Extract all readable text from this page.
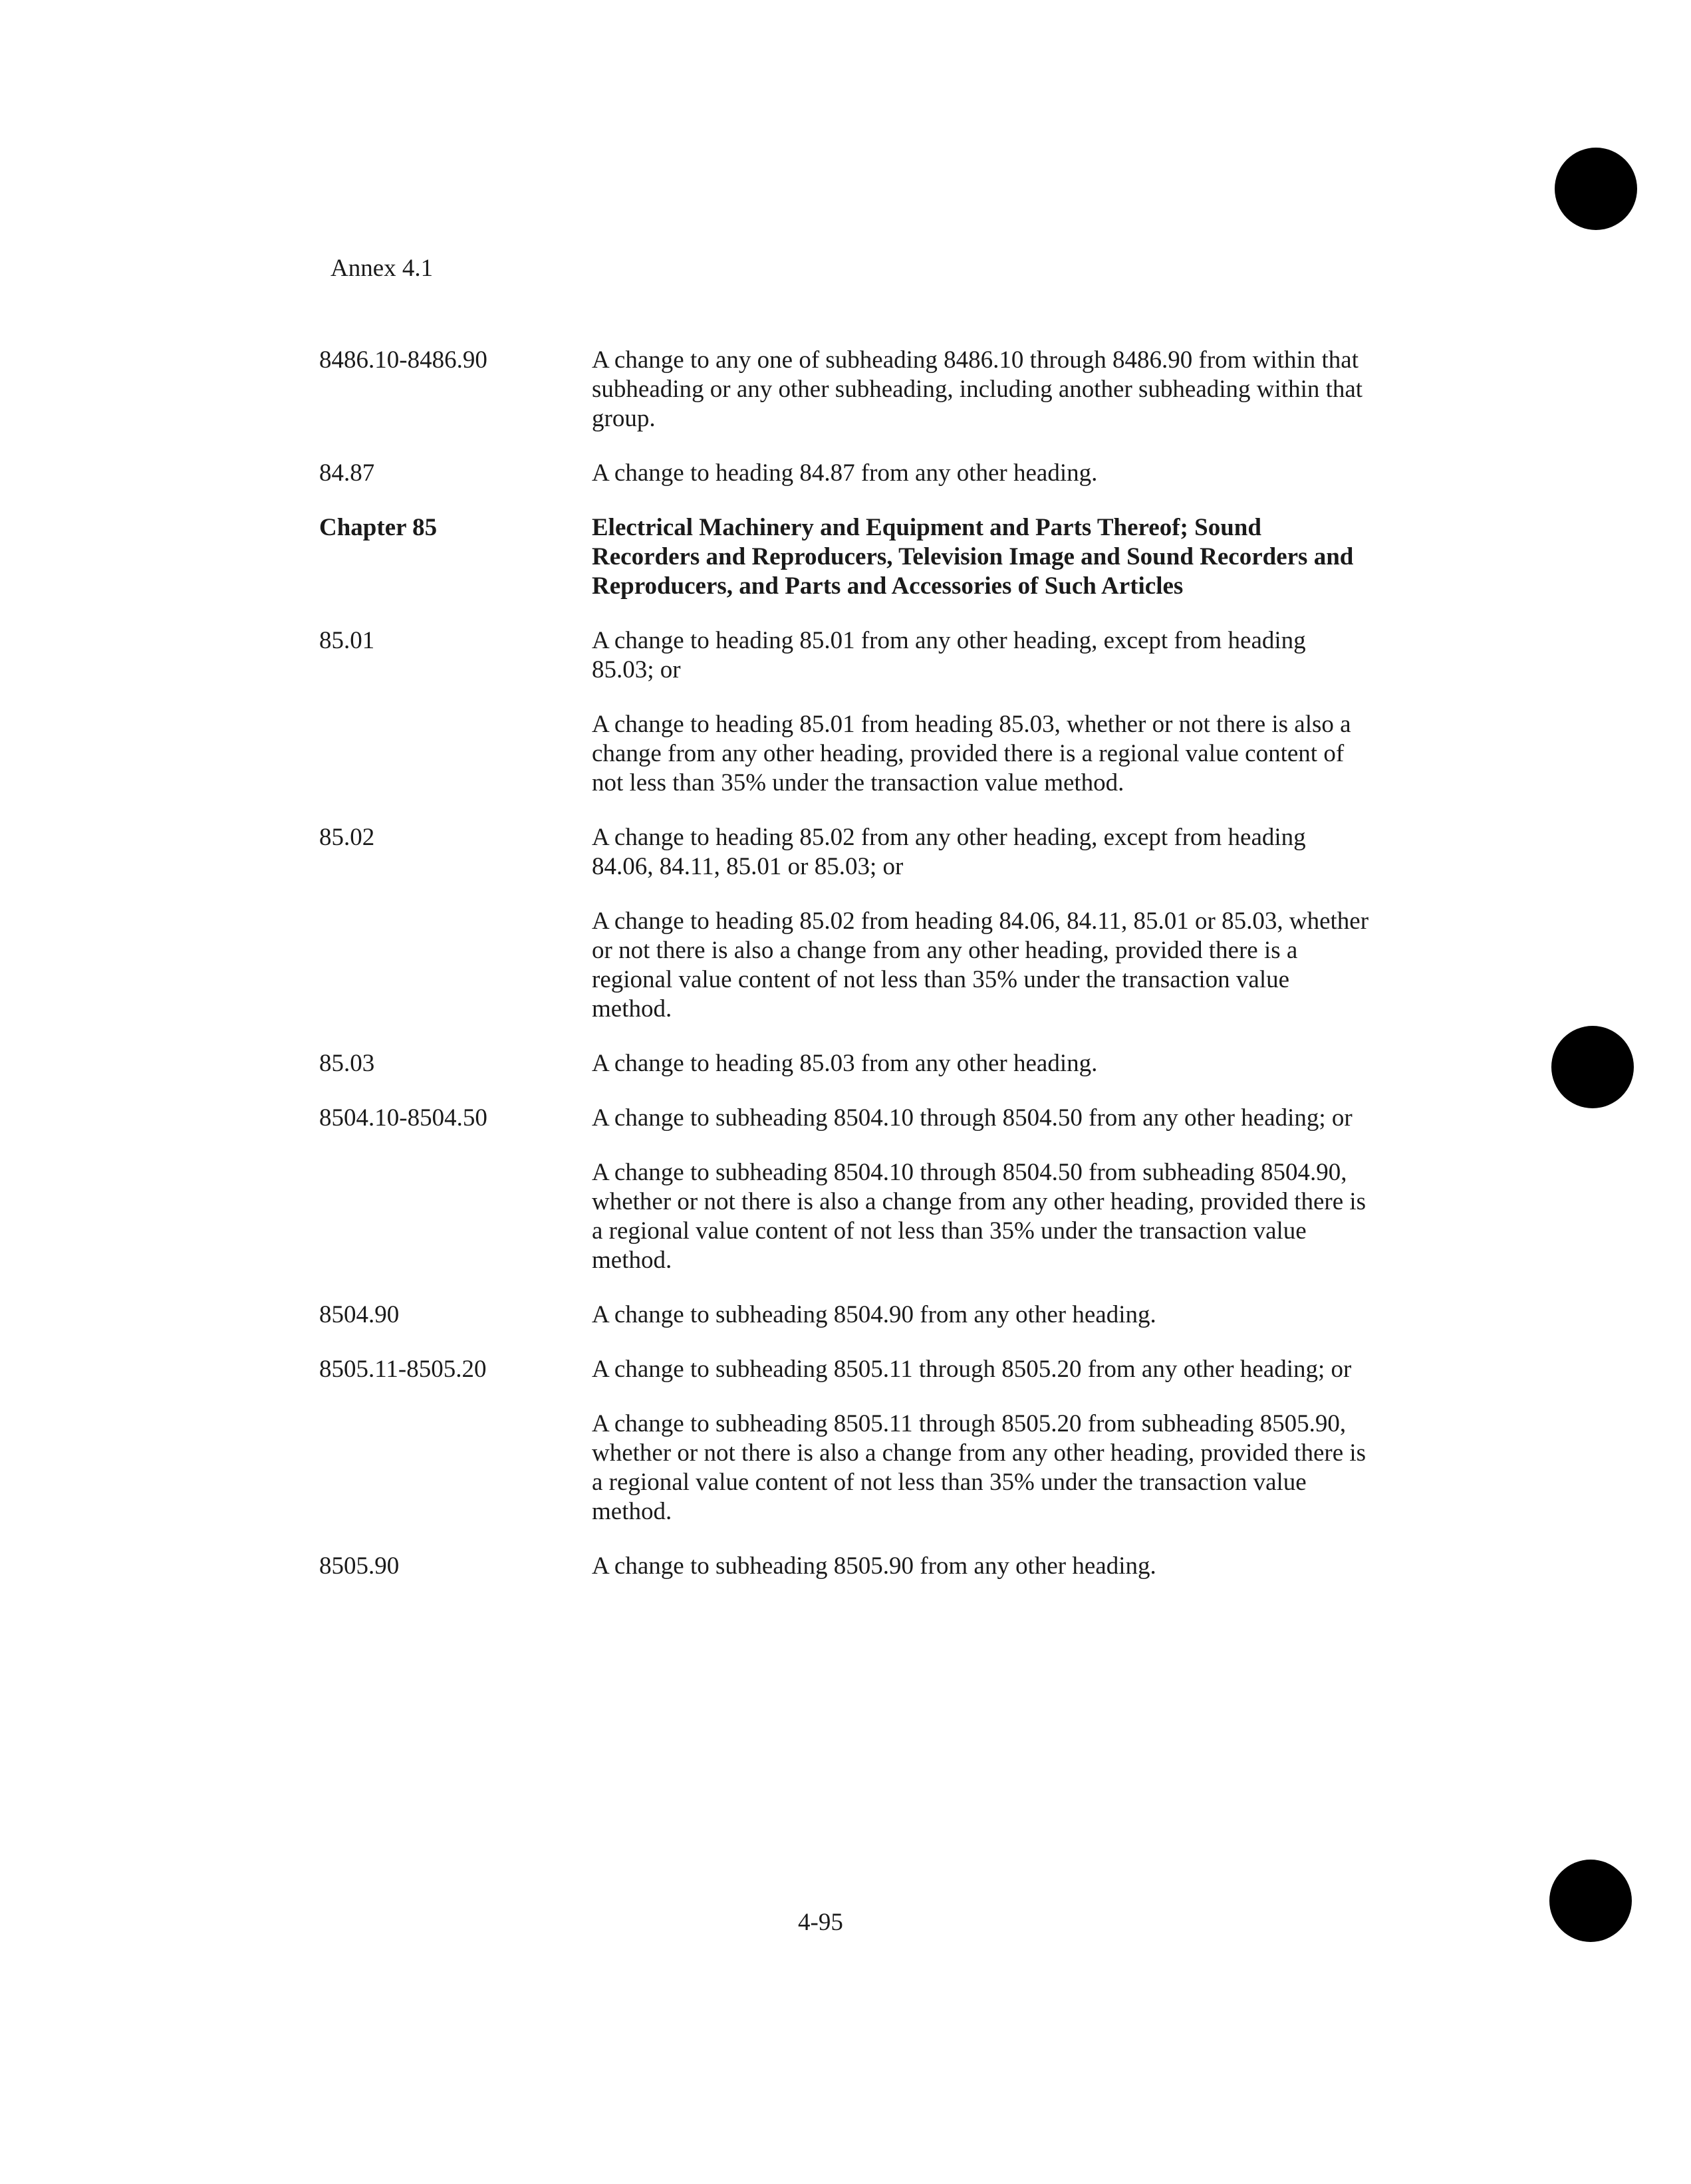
Annex 4.1
8486.10-8486.90	A change to any one of subheading 8486.10 through 8486.90 from within that subheading or any other subheading, including another subheading within that group.

84.87	A change to heading 84.87 from any other heading.

Chapter 85	Electrical Machinery and Equipment and Parts Thereof; Sound Recorders and Reproducers, Television Image and Sound Recorders and Reproducers, and Parts and Accessories of Such Articles

85.01	A change to heading 85.01 from any other heading, except from heading 85.03; or

A change to heading 85.01 from heading 85.03, whether or not there is also a change from any other heading, provided there is a regional value content of not less than 35% under the transaction value method.

85.02	A change to heading 85.02 from any other heading, except from heading 84.06, 84.11, 85.01 or 85.03; or

A change to heading 85.02 from heading 84.06, 84.11, 85.01 or 85.03, whether or not there is also a change from any other heading, provided there is a regional value content of not less than 35% under the transaction value method.

85.03	A change to heading 85.03 from any other heading.

8504.10-8504.50	A change to subheading 8504.10 through 8504.50 from any other heading; or

A change to subheading 8504.10 through 8504.50 from subheading 8504.90, whether or not there is also a change from any other heading, provided there is a regional value content of not less than 35% under the transaction value method.

8504.90	A change to subheading 8504.90 from any other heading.

8505.11-8505.20	A change to subheading 8505.11 through 8505.20 from any other heading; or

A change to subheading 8505.11 through 8505.20 from subheading 8505.90, whether or not there is also a change from any other heading, provided there is a regional value content of not less than 35% under the transaction value method.

8505.90	A change to subheading 8505.90 from any other heading.

4-95
